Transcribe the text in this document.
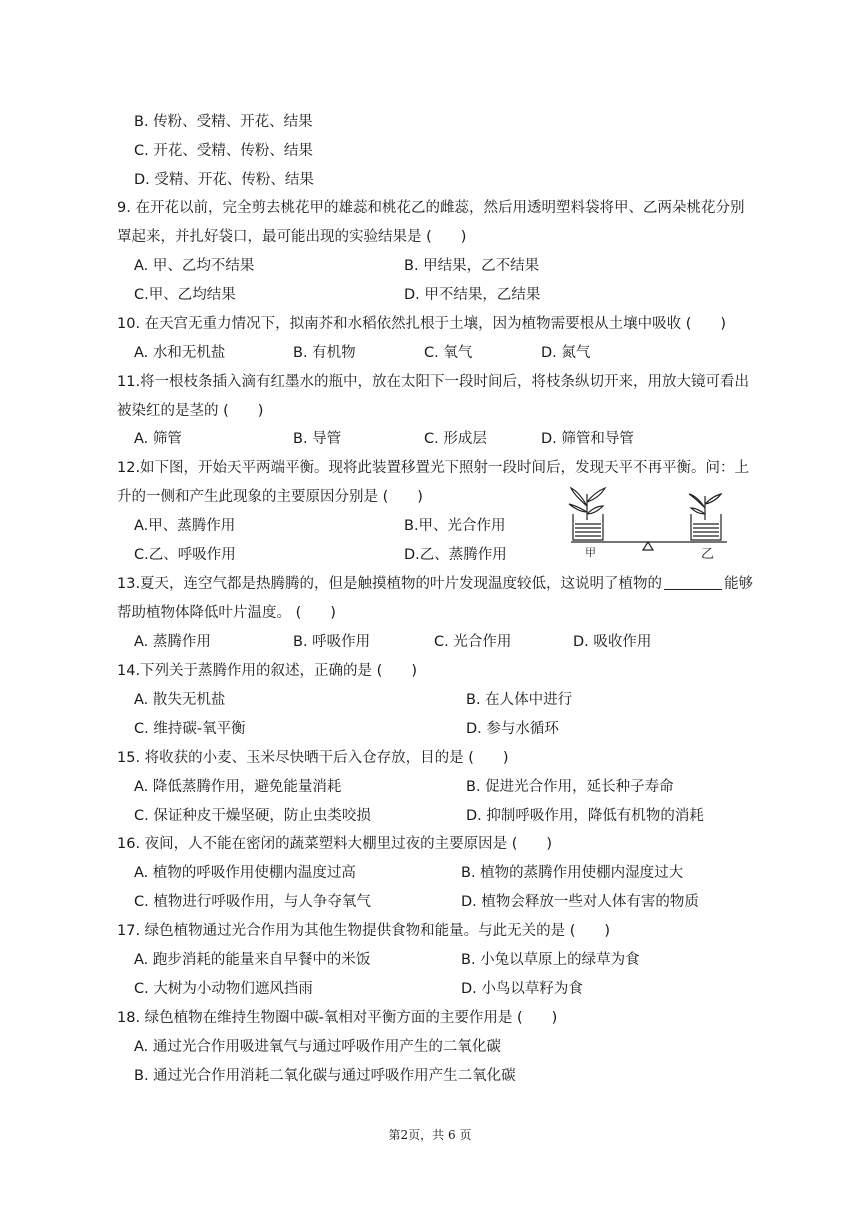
B. 传粉、受精、开花、结果
C. 开花、受精、传粉、结果
D. 受精、开花、传粉、结果
9. 在开花以前，完全剪去桃花甲的雄蕊和桃花乙的雌蕊，然后用透明塑料袋将甲、乙两朵桃花分别
罩起来，并扎好袋口，最可能出现的实验结果是 (　　)
A. 甲、乙均不结果	B. 甲结果，乙不结果
C.甲、乙均结果	D. 甲不结果，乙结果
10. 在天宫无重力情况下，拟南芥和水稻依然扎根于土壤，因为植物需要根从土壤中吸收 (　　)
A. 水和无机盐	B. 有机物	C. 氧气	D. 氮气
11.将一根枝条插入滴有红墨水的瓶中，放在太阳下一段时间后，将枝条纵切开来，用放大镜可看出
被染红的是茎的 (　　)
A. 筛管	B. 导管	C. 形成层	D. 筛管和导管
12.如下图，开始天平两端平衡。现将此装置移置光下照射一段时间后，发现天平不再平衡。问：上
升的一侧和产生此现象的主要原因分别是 (　　)
A.甲、蒸腾作用	B.甲、光合作用
C.乙、呼吸作用	D.乙、蒸腾作用	甲	乙
13.夏天，连空气都是热腾腾的，但是触摸植物的叶片发现温度较低，这说明了植物的	能够
帮助植物体降低叶片温度。 (　　)
A. 蒸腾作用	B. 呼吸作用	C. 光合作用	D. 吸收作用
14.下列关于蒸腾作用的叙述，正确的是 (　　)
A. 散失无机盐	B. 在人体中进行
C. 维持碳-氧平衡	D. 参与水循环
15. 将收获的小麦、玉米尽快晒干后入仓存放，目的是 (　　)
A. 降低蒸腾作用，避免能量消耗	B. 促进光合作用，延长种子寿命
C. 保证种皮干燥坚硬，防止虫类咬损	D. 抑制呼吸作用，降低有机物的消耗
16. 夜间，人不能在密闭的蔬菜塑料大棚里过夜的主要原因是 (　　)
A. 植物的呼吸作用使棚内温度过高	B. 植物的蒸腾作用使棚内湿度过大
C. 植物进行呼吸作用，与人争夺氧气	D. 植物会释放一些对人体有害的物质
17. 绿色植物通过光合作用为其他生物提供食物和能量。与此无关的是 (　　)
A. 跑步消耗的能量来自早餐中的米饭	B. 小兔以草原上的绿草为食
C. 大树为小动物们遮风挡雨	D. 小鸟以草籽为食
18. 绿色植物在维持生物圈中碳-氧相对平衡方面的主要作用是 (　　)
A. 通过光合作用吸进氧气与通过呼吸作用产生的二氧化碳
B. 通过光合作用消耗二氧化碳与通过呼吸作用产生二氧化碳
第2页，共 6 页
